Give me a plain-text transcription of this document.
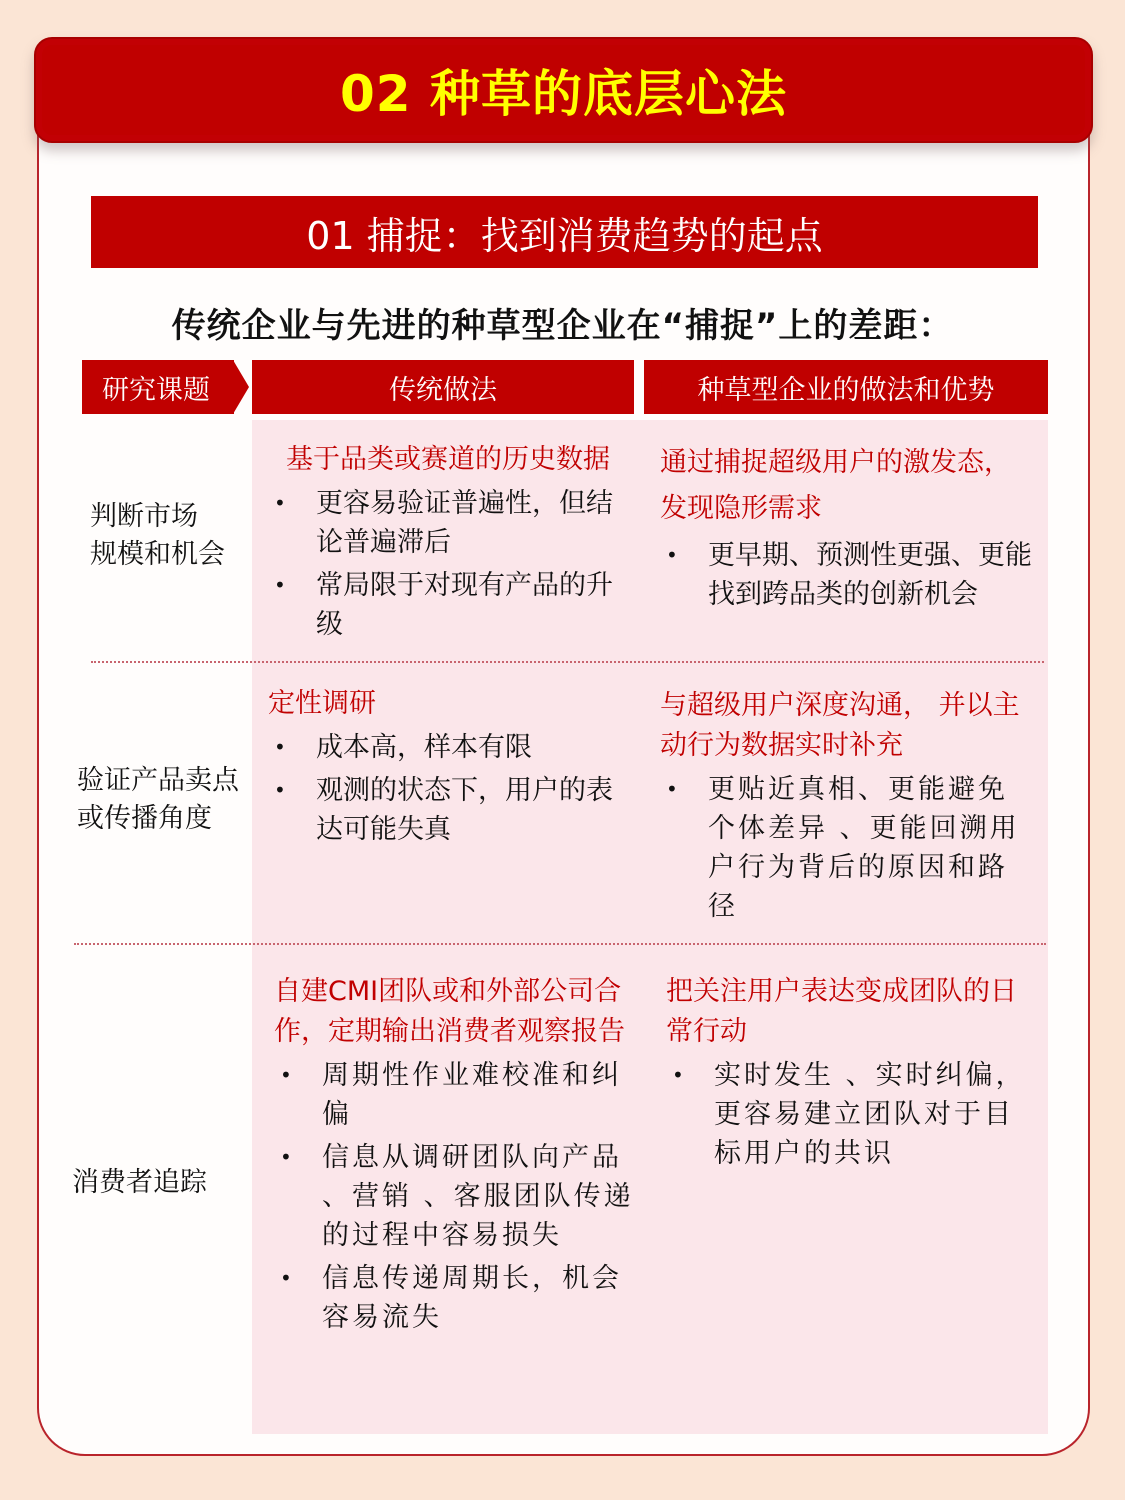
02 种草的底层心法
01 捕捉：找到消费趋势的起点
传统企业与先进的种草型企业在“捕捉”上的差距：
研究课题	传统做法	种草型企业的做法和优势
判断市场
规模和机会
基于品类或赛道的历史数据
• 更容易验证普遍性，但结论普遍滞后
• 常局限于对现有产品的升级
通过捕捉超级用户的激发态，发现隐形需求
• 更早期、预测性更强、更能找到跨品类的创新机会
验证产品卖点
或传播角度
定性调研
• 成本高，样本有限
• 观测的状态下，用户的表达可能失真
与超级用户深度沟通， 并以主动行为数据实时补充
• 更贴近真相、更能避免个体差异 、更能回溯用户行为背后的原因和路径
消费者追踪
自建CMI团队或和外部公司合作，定期输出消费者观察报告
• 周期性作业难校准和纠偏
• 信息从调研团队向产品 、营销 、客服团队传递的过程中容易损失
• 信息传递周期长，机会容易流失
把关注用户表达变成团队的日常行动
• 实时发生 、实时纠偏，更容易建立团队对于目标用户的共识
